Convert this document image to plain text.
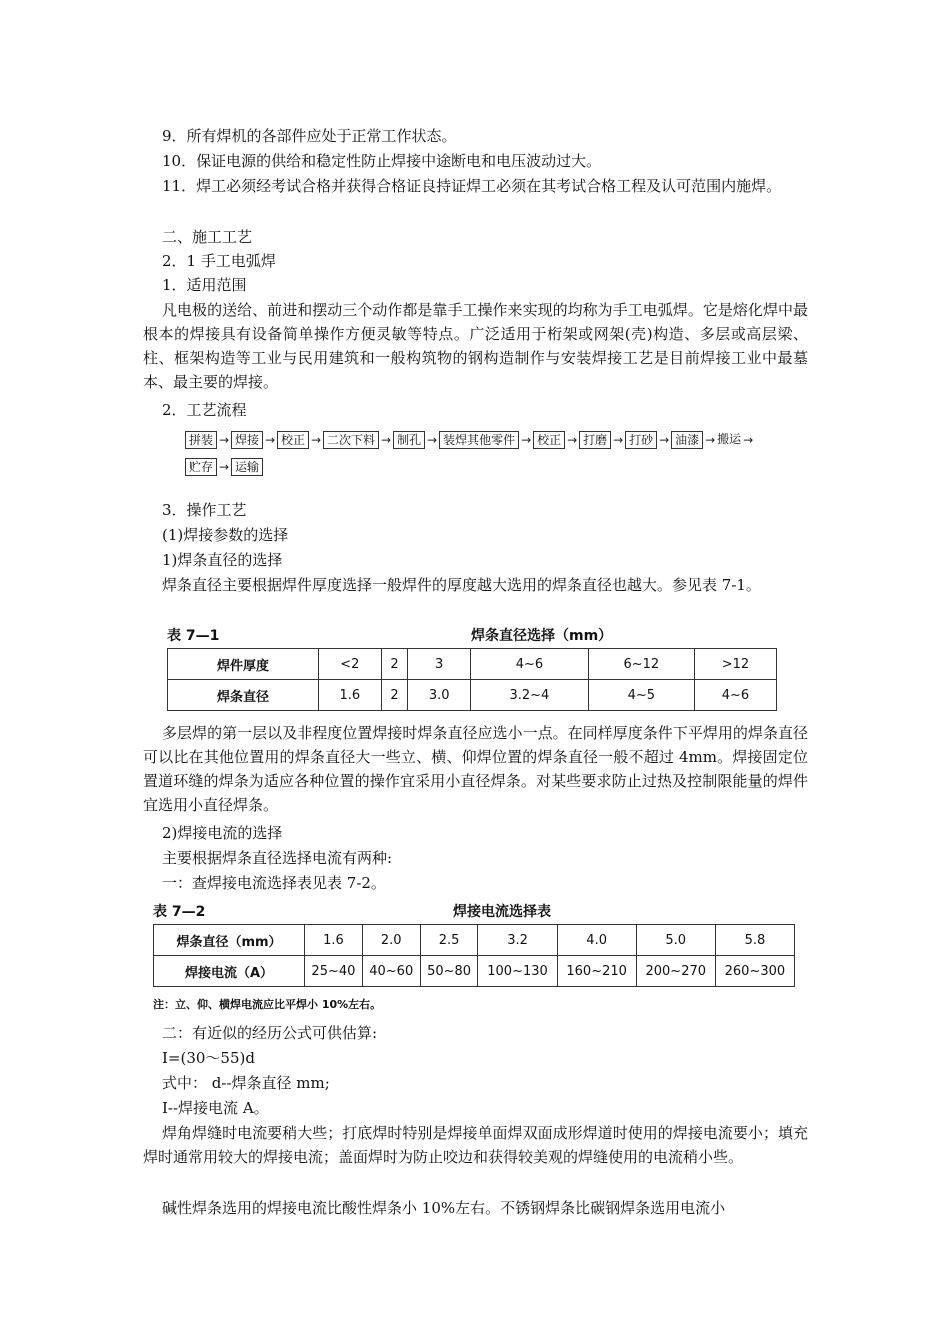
9．所有焊机的各部件应处于正常工作状态。
10．保证电源的供给和稳定性防止焊接中途断电和电压波动过大。
11．焊工必须经考试合格并获得合格证良持证焊工必须在其考试合格工程及认可范围内施焊。
二、施工工艺
2．1 手工电弧焊
1．适用范围
凡电极的送给、前进和摆动三个动作都是靠手工操作来实现的均称为手工电弧焊。它是熔化焊中最根本的焊接具有设备简单操作方便灵敏等特点。广泛适用于桁架或网架(壳)构造、多层或高层梁、柱、框架构造等工业与民用建筑和一般构筑物的钢构造制作与安装焊接工艺是目前焊接工业中最墓本、最主要的焊接。
2．工艺流程
拼装 → 焊接 → 校正 → 二次下料 → 制孔 → 装焊其他零件 → 校正 → 打磨 → 打砂 → 油漆 → 搬运 →
贮存 → 运输
3．操作工艺
(1)焊接参数的选择
1)焊条直径的选择
焊条直径主要根据焊件厚度选择一般焊件的厚度越大选用的焊条直径也越大。参见表 7-1。
表 7—1	焊条直径选择（mm）
焊件厚度	<2	2	3	4~6	6~12	>12
焊条直径	1.6	2	3.0	3.2~4	4~5	4~6
多层焊的第一层以及非程度位置焊接时焊条直径应选小一点。在同样厚度条件下平焊用的焊条直径可以比在其他位置用的焊条直径大一些立、横、仰焊位置的焊条直径一般不超过 4mm。焊接固定位置道环缝的焊条为适应各种位置的操作宜采用小直径焊条。对某些要求防止过热及控制限能量的焊件宜选用小直径焊条。
2)焊接电流的选择
主要根据焊条直径选择电流有两种:
一：查焊接电流选择表见表 7-2。
表 7—2	焊接电流选择表
焊条直径（mm）	1.6	2.0	2.5	3.2	4.0	5.0	5.8
焊接电流（A）	25~40	40~60	50~80	100~130	160~210	200~270	260~300
注：立、仰、横焊电流应比平焊小 10%左右。
二：有近似的经历公式可供估算:
I=(30～55)d
式中： d--焊条直径 mm;
I--焊接电流 A。
焊角焊缝时电流要稍大些；打底焊时特别是焊接单面焊双面成形焊道时使用的焊接电流要小；填充焊时通常用较大的焊接电流；盖面焊时为防止咬边和获得较美观的焊缝使用的电流稍小些。
碱性焊条选用的焊接电流比酸性焊条小 10%左右。不锈钢焊条比碳钢焊条选用电流小
